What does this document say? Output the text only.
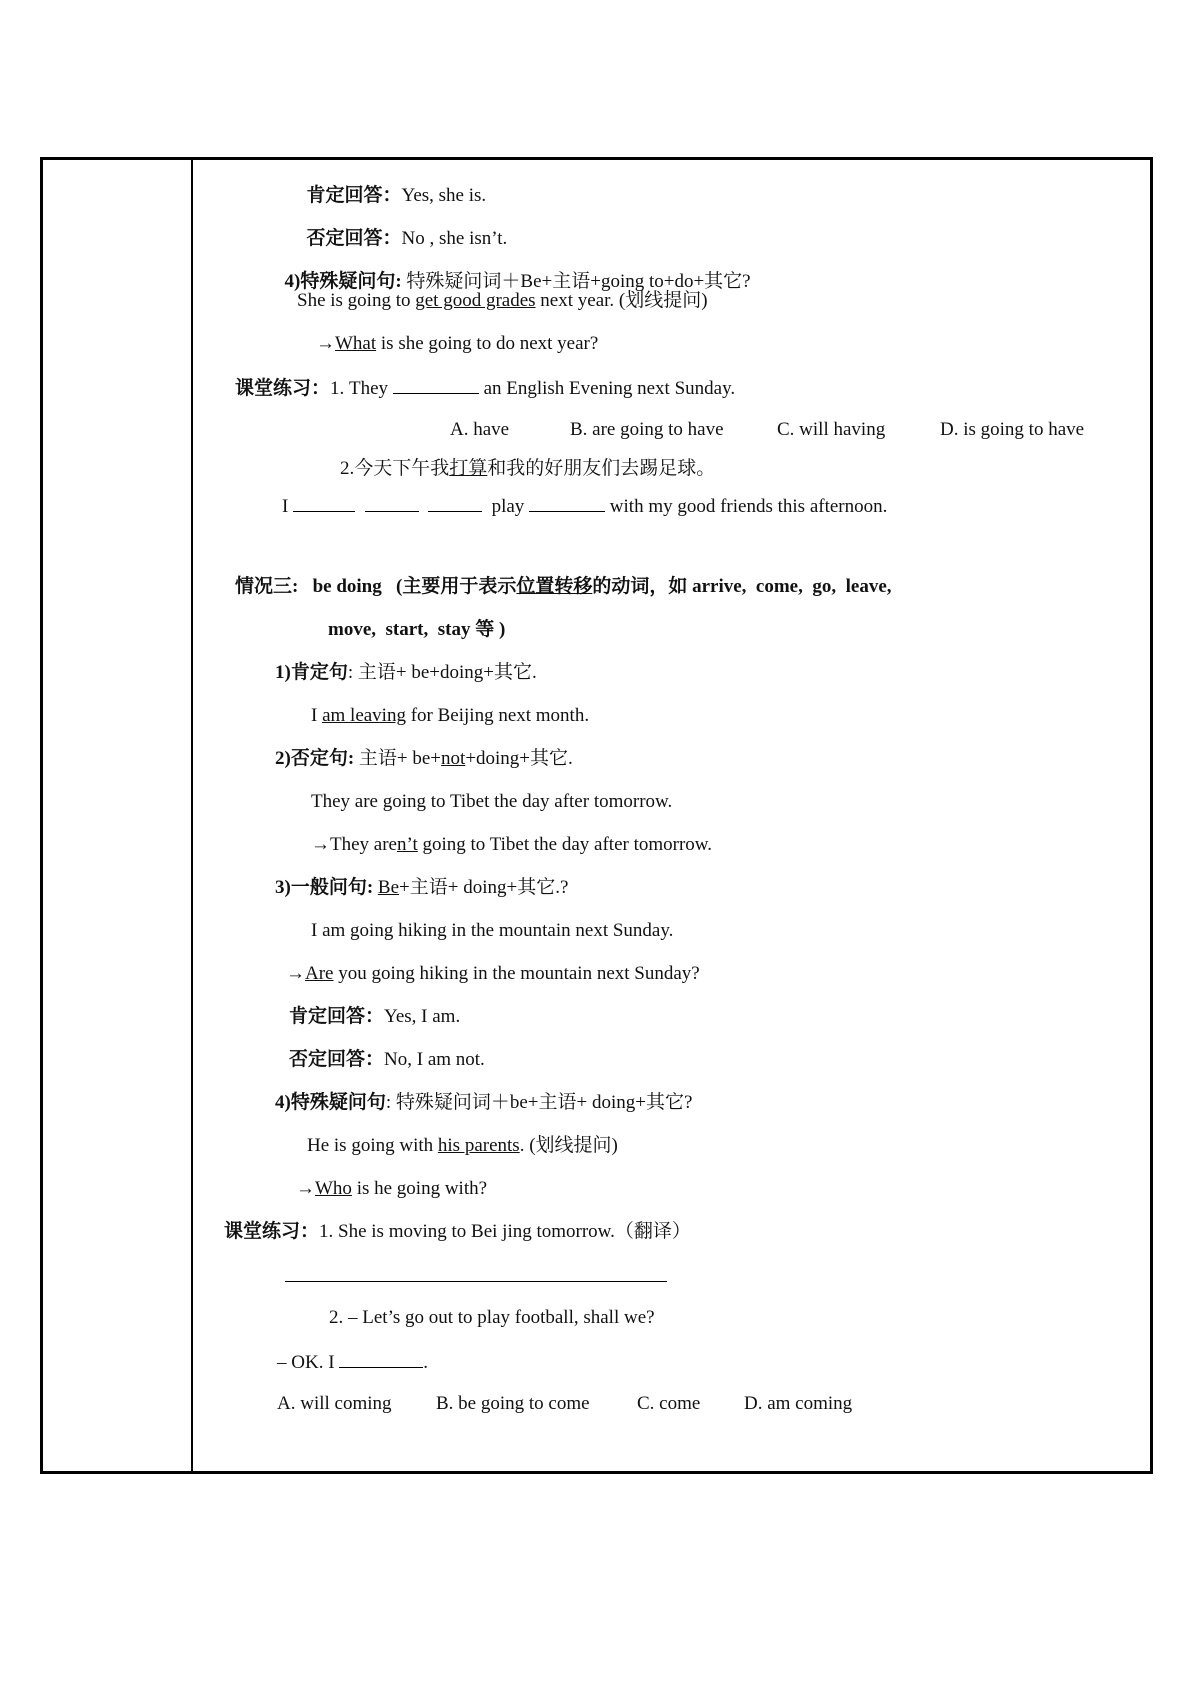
肯定回答：Yes, she is.

否定回答：No , she isn’t.

4)特殊疑问句: 特殊疑问词＋Be+主语+going to+do+其它?

She is going to get good grades next year. (划线提问)
→What is she going to do next year?
课堂练习：1. They	an English Evening next Sunday.
A. have	B. are going to have	C. will having	D. is going to have
2.今天下午我打算和我的好朋友们去踢足球。
I	play	with my good friends this afternoon.
情况三:   be doing   (主要用于表示位置转移的动词，如 arrive,  come,  go,  leave,
move,  start,  stay 等 )
1)肯定句: 主语+ be+doing+其它.
I am leaving for Beijing next month.
2)否定句: 主语+ be+not+doing+其它.
They are going to Tibet the day after tomorrow.
→They aren’t going to Tibet the day after tomorrow.
3)一般问句: Be+主语+ doing+其它.?
I am going hiking in the mountain next Sunday.
→Are you going hiking in the mountain next Sunday?
肯定回答：Yes, I am.
否定回答：No, I am not.
4)特殊疑问句: 特殊疑问词＋be+主语+ doing+其它?
He is going with his parents. (划线提问)
→Who is he going with?
课堂练习：1. She is moving to Bei jing tomorrow.（翻译）
2. – Let’s go out to play football, shall we?
– OK. I	.
A. will coming B. be going to come C. come D. am coming
